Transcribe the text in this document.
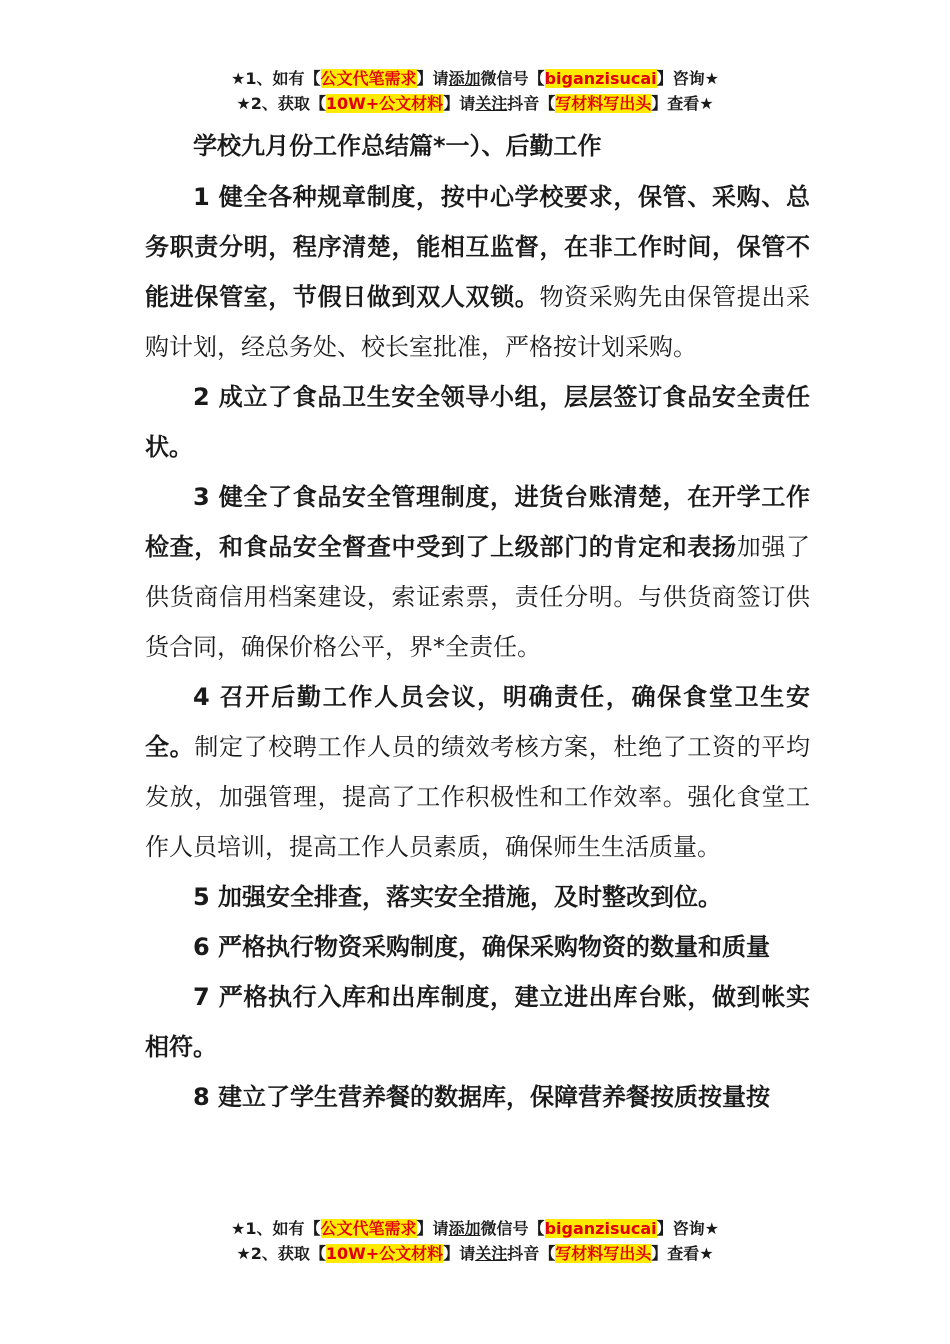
★1、如有【公文代笔需求】请添加微信号【biganzisucai】咨询★
★2、获取【10W+公文材料】请关注抖音【写材料写出头】查看★

学校九月份工作总结篇*一）、后勤工作

1 健全各种规章制度，按中心学校要求，保管、采购、总务职责分明，程序清楚，能相互监督，在非工作时间，保管不能进保管室，节假日做到双人双锁。物资采购先由保管提出采购计划，经总务处、校长室批准，严格按计划采购。

2 成立了食品卫生安全领导小组，层层签订食品安全责任状。

3 健全了食品安全管理制度，进货台账清楚，在开学工作检查，和食品安全督查中受到了上级部门的肯定和表扬加强了供货商信用档案建设，索证索票，责任分明。与供货商签订供货合同，确保价格公平，界*全责任。

4 召开后勤工作人员会议，明确责任，确保食堂卫生安全。制定了校聘工作人员的绩效考核方案，杜绝了工资的平均发放，加强管理，提高了工作积极性和工作效率。强化食堂工作人员培训，提高工作人员素质，确保师生生活质量。

5 加强安全排查，落实安全措施，及时整改到位。

6 严格执行物资采购制度，确保采购物资的数量和质量

7 严格执行入库和出库制度，建立进出库台账，做到帐实相符。

8 建立了学生营养餐的数据库，保障营养餐按质按量按

★1、如有【公文代笔需求】请添加微信号【biganzisucai】咨询★
★2、获取【10W+公文材料】请关注抖音【写材料写出头】查看★
